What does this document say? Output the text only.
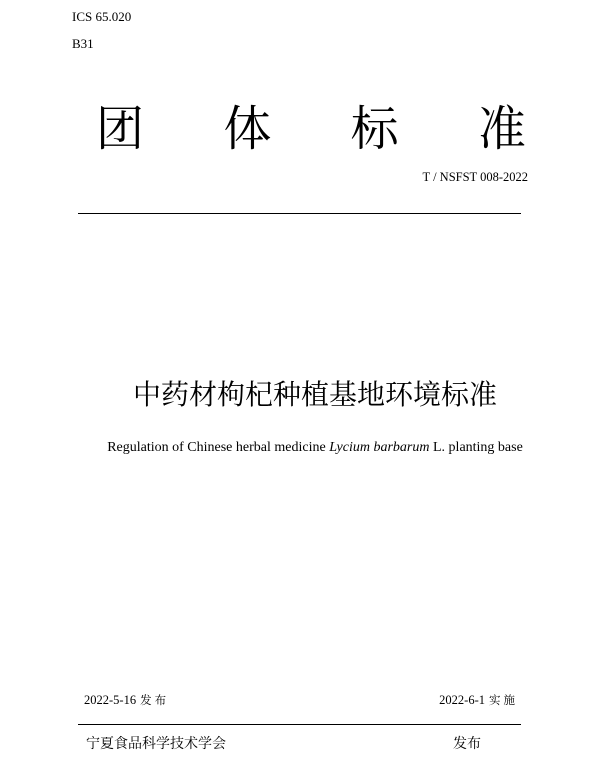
ICS 65.020
B31
团 体 标 准
T / NSFST 008-2022
中药材枸杞种植基地环境标准
Regulation of Chinese herbal medicine Lycium barbarum L. planting base
2022-5-16 发布	2022-6-1 实施
宁夏食品科学技术学会	发布
